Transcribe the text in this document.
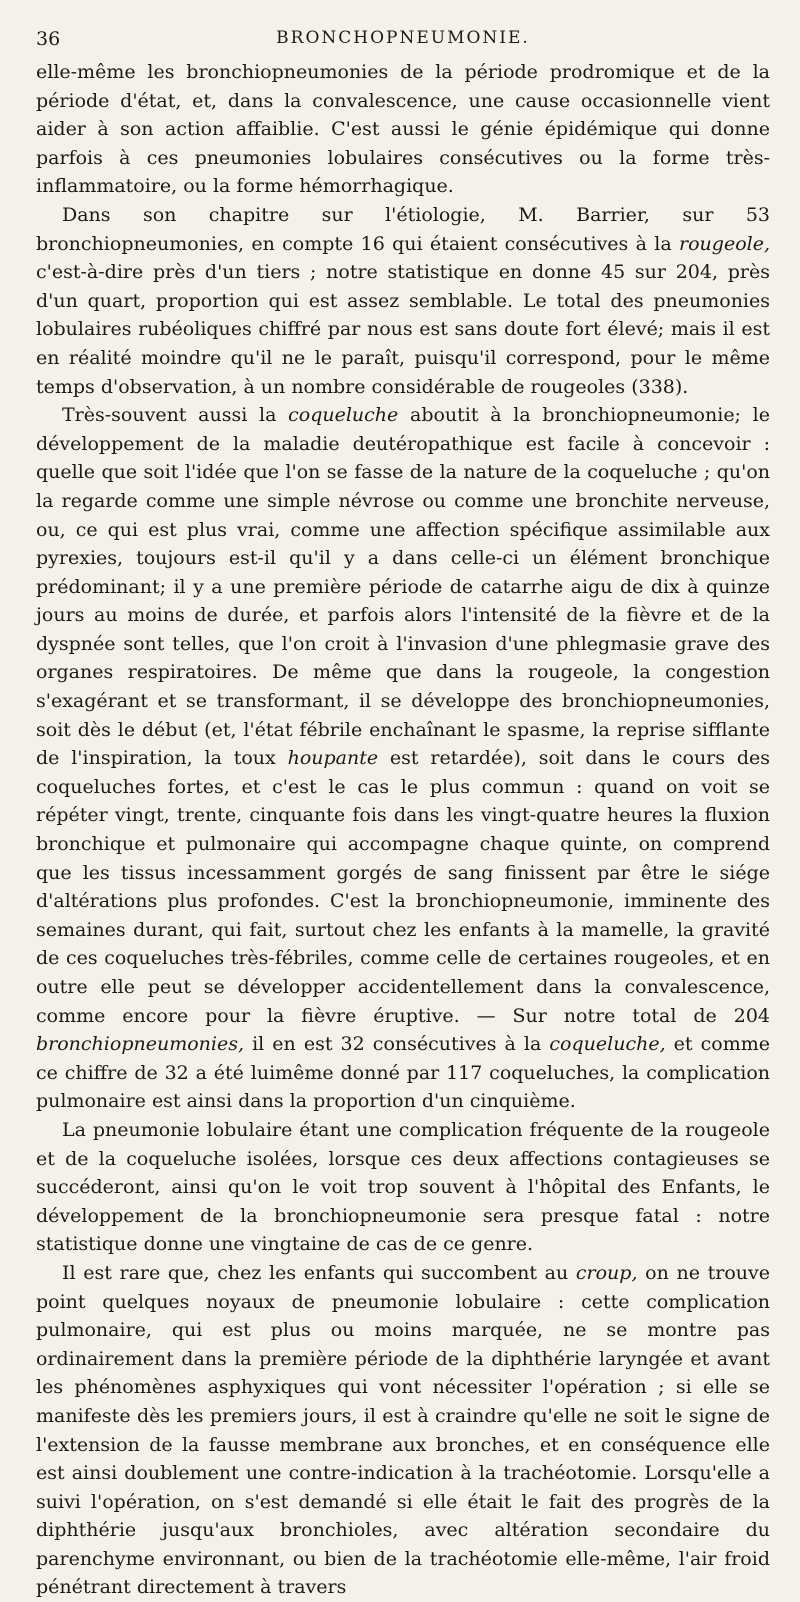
36	BRONCHOPNEUMONIE.

elle-même les bronchiopneumonies de la période prodromique et de la période d'état, et, dans la convalescence, une cause occasionnelle vient aider à son action affaiblie. C'est aussi le génie épidémique qui donne parfois à ces pneumonies lobulaires consécutives ou la forme très-inflammatoire, ou la forme hémorrhagique.

Dans son chapitre sur l'étiologie, M. Barrier, sur 53 bronchiopneumonies, en compte 16 qui étaient consécutives à la rougeole, c'est-à-dire près d'un tiers ; notre statistique en donne 45 sur 204, près d'un quart, proportion qui est assez semblable. Le total des pneumonies lobulaires rubéoliques chiffré par nous est sans doute fort élevé; mais il est en réalité moindre qu'il ne le paraît, puisqu'il correspond, pour le même temps d'observation, à un nombre considérable de rougeoles (338).

Très-souvent aussi la coqueluche aboutit à la bronchiopneumonie; le développement de la maladie deutéropathique est facile à concevoir : quelle que soit l'idée que l'on se fasse de la nature de la coqueluche ; qu'on la regarde comme une simple névrose ou comme une bronchite nerveuse, ou, ce qui est plus vrai, comme une affection spécifique assimilable aux pyrexies, toujours est-il qu'il y a dans celle-ci un élément bronchique prédominant; il y a une première période de catarrhe aigu de dix à quinze jours au moins de durée, et parfois alors l'intensité de la fièvre et de la dyspnée sont telles, que l'on croit à l'invasion d'une phlegmasie grave des organes respiratoires. De même que dans la rougeole, la congestion s'exagérant et se transformant, il se développe des bronchiopneumonies, soit dès le début (et, l'état fébrile enchaînant le spasme, la reprise sifflante de l'inspiration, la toux houpante est retardée), soit dans le cours des coqueluches fortes, et c'est le cas le plus commun : quand on voit se répéter vingt, trente, cinquante fois dans les vingt-quatre heures la fluxion bronchique et pulmonaire qui accompagne chaque quinte, on comprend que les tissus incessamment gorgés de sang finissent par être le siége d'altérations plus profondes. C'est la bronchiopneumonie, imminente des semaines durant, qui fait, surtout chez les enfants à la mamelle, la gravité de ces coqueluches très-fébriles, comme celle de certaines rougeoles, et en outre elle peut se développer accidentellement dans la convalescence, comme encore pour la fièvre éruptive. — Sur notre total de 204 bronchiopneumonies, il en est 32 consécutives à la coqueluche, et comme ce chiffre de 32 a été luimême donné par 117 coqueluches, la complication pulmonaire est ainsi dans la proportion d'un cinquième.

La pneumonie lobulaire étant une complication fréquente de la rougeole et de la coqueluche isolées, lorsque ces deux affections contagieuses se succéderont, ainsi qu'on le voit trop souvent à l'hôpital des Enfants, le développement de la bronchiopneumonie sera presque fatal : notre statistique donne une vingtaine de cas de ce genre.

Il est rare que, chez les enfants qui succombent au croup, on ne trouve point quelques noyaux de pneumonie lobulaire : cette complication pulmonaire, qui est plus ou moins marquée, ne se montre pas ordinairement dans la première période de la diphthérie laryngée et avant les phénomènes asphyxiques qui vont nécessiter l'opération ; si elle se manifeste dès les premiers jours, il est à craindre qu'elle ne soit le signe de l'extension de la fausse membrane aux bronches, et en conséquence elle est ainsi doublement une contre-indication à la trachéotomie. Lorsqu'elle a suivi l'opération, on s'est demandé si elle était le fait des progrès de la diphthérie jusqu'aux bronchioles, avec altération secondaire du parenchyme environnant, ou bien de la trachéotomie elle-même, l'air froid pénétrant directement à travers
